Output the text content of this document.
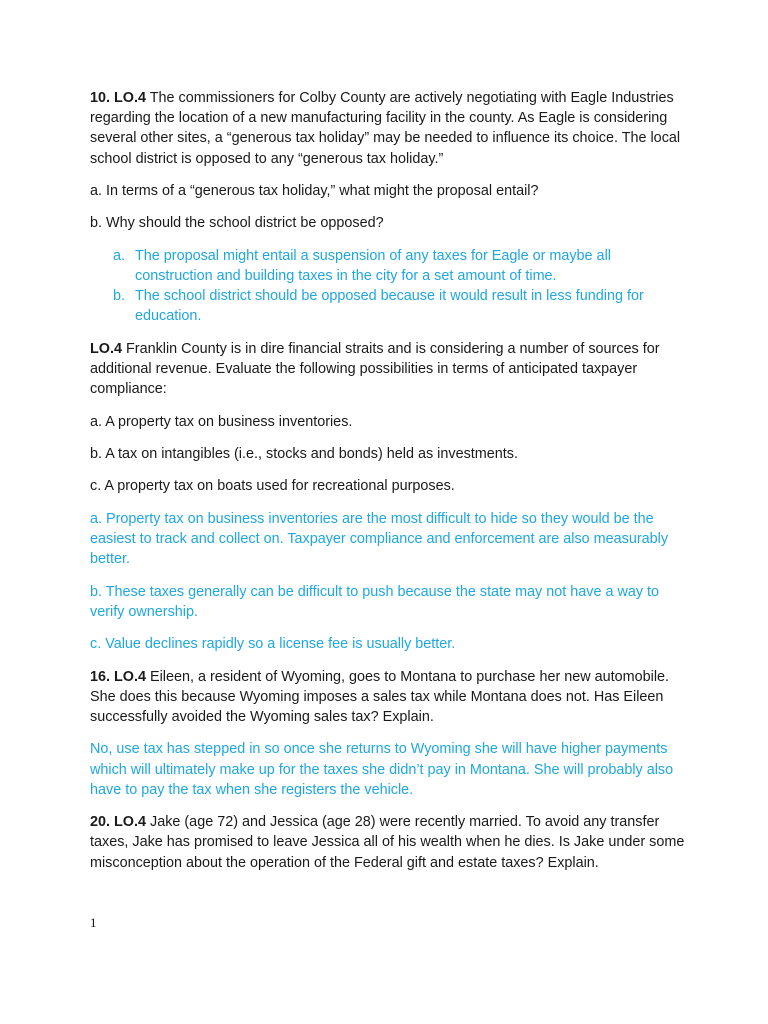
10. LO.4 The commissioners for Colby County are actively negotiating with Eagle Industries regarding the location of a new manufacturing facility in the county. As Eagle is considering several other sites, a “generous tax holiday” may be needed to influence its choice. The local school district is opposed to any “generous tax holiday.”

a. In terms of a “generous tax holiday,” what might the proposal entail?

b. Why should the school district be opposed?

a. The proposal might entail a suspension of any taxes for Eagle or maybe all construction and building taxes in the city for a set amount of time.
b. The school district should be opposed because it would result in less funding for education.

LO.4 Franklin County is in dire financial straits and is considering a number of sources for additional revenue. Evaluate the following possibilities in terms of anticipated taxpayer compliance:

a. A property tax on business inventories.

b. A tax on intangibles (i.e., stocks and bonds) held as investments.

c. A property tax on boats used for recreational purposes.

a. Property tax on business inventories are the most difficult to hide so they would be the easiest to track and collect on. Taxpayer compliance and enforcement are also measurably better.

b. These taxes generally can be difficult to push because the state may not have a way to verify ownership.

c. Value declines rapidly so a license fee is usually better.

16. LO.4 Eileen, a resident of Wyoming, goes to Montana to purchase her new automobile. She does this because Wyoming imposes a sales tax while Montana does not. Has Eileen successfully avoided the Wyoming sales tax? Explain.

No, use tax has stepped in so once she returns to Wyoming she will have higher payments which will ultimately make up for the taxes she didn’t pay in Montana. She will probably also have to pay the tax when she registers the vehicle.

20. LO.4 Jake (age 72) and Jessica (age 28) were recently married. To avoid any transfer taxes, Jake has promised to leave Jessica all of his wealth when he dies. Is Jake under some misconception about the operation of the Federal gift and estate taxes? Explain.

1
